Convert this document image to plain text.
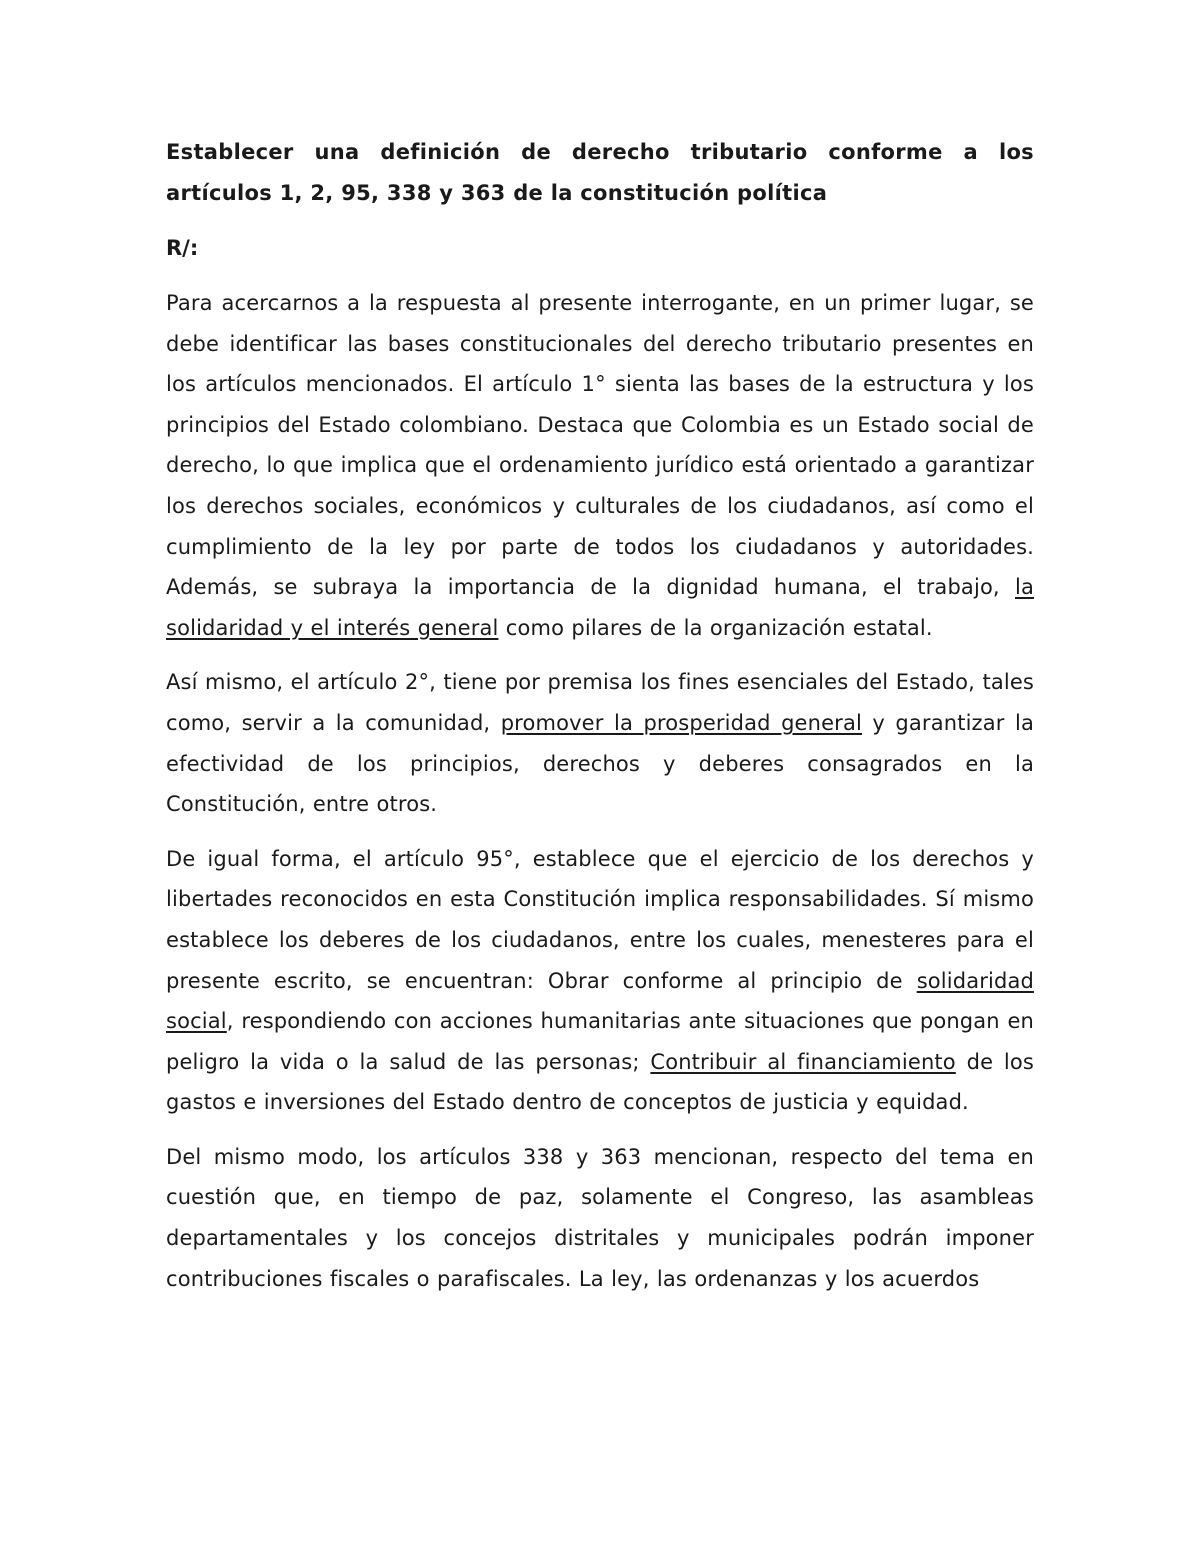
Establecer una definición de derecho tributario conforme a los artículos 1, 2, 95, 338 y 363 de la constitución política

R/:

Para acercarnos a la respuesta al presente interrogante, en un primer lugar, se debe identificar las bases constitucionales del derecho tributario presentes en los artículos mencionados. El artículo 1° sienta las bases de la estructura y los principios del Estado colombiano. Destaca que Colombia es un Estado social de derecho, lo que implica que el ordenamiento jurídico está orientado a garantizar los derechos sociales, económicos y culturales de los ciudadanos, así como el cumplimiento de la ley por parte de todos los ciudadanos y autoridades. Además, se subraya la importancia de la dignidad humana, el trabajo, la solidaridad y el interés general como pilares de la organización estatal.

Así mismo, el artículo 2°, tiene por premisa los fines esenciales del Estado, tales como, servir a la comunidad, promover la prosperidad general y garantizar la efectividad de los principios, derechos y deberes consagrados en la Constitución, entre otros.

De igual forma, el artículo 95°, establece que el ejercicio de los derechos y libertades reconocidos en esta Constitución implica responsabilidades. Sí mismo establece los deberes de los ciudadanos, entre los cuales, menesteres para el presente escrito, se encuentran: Obrar conforme al principio de solidaridad social, respondiendo con acciones humanitarias ante situaciones que pongan en peligro la vida o la salud de las personas; Contribuir al financiamiento de los gastos e inversiones del Estado dentro de conceptos de justicia y equidad.

Del mismo modo, los artículos 338 y 363 mencionan, respecto del tema en cuestión que, en tiempo de paz, solamente el Congreso, las asambleas departamentales y los concejos distritales y municipales podrán imponer contribuciones fiscales o parafiscales. La ley, las ordenanzas y los acuerdos
